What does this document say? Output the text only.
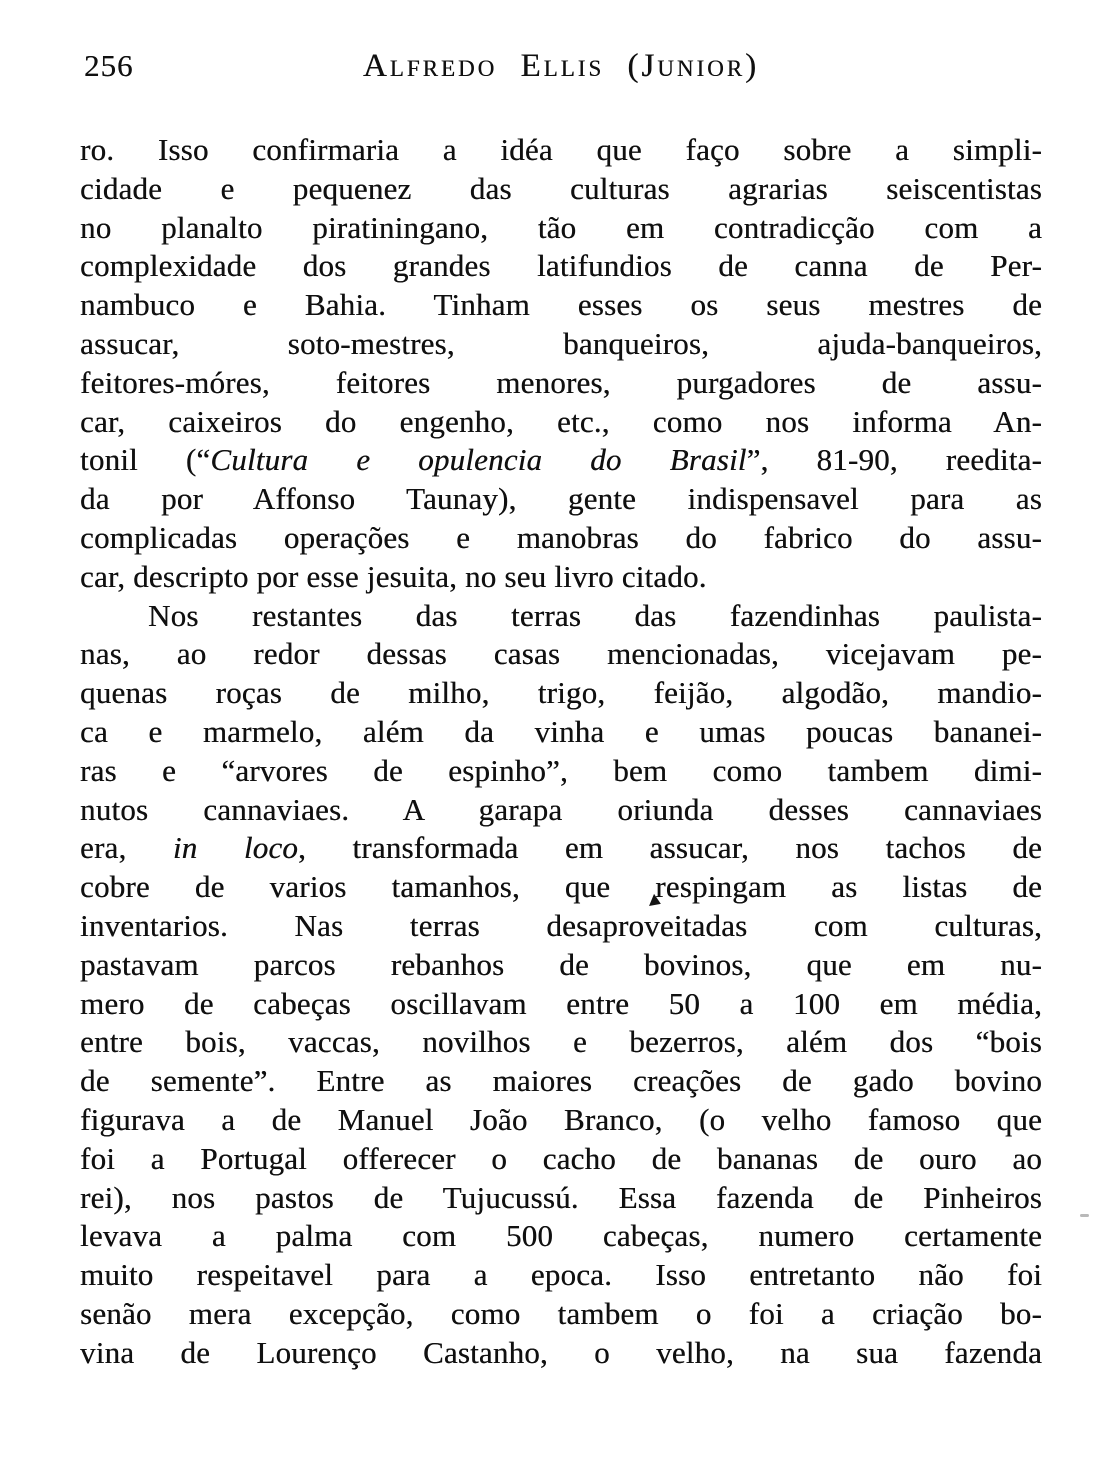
256	Alfredo Ellis (Junior)
ro. Isso confirmaria a idéa que faço sobre a simpli-
cidade e pequenez das culturas agrarias seiscentistas
no planalto piratiningano, tão em contradicção com a
complexidade dos grandes latifundios de canna de Per-
nambuco e Bahia. Tinham esses os seus mestres de
assucar, soto-mestres, banqueiros, ajuda-banqueiros,
feitores-móres, feitores menores, purgadores de assu-
car, caixeiros do engenho, etc., como nos informa An-
tonil (“Cultura e opulencia do Brasil”, 81-90, reedita-
da por Affonso Taunay), gente indispensavel para as
complicadas operações e manobras do fabrico do assu-
car, descripto por esse jesuita, no seu livro citado.
Nos restantes das terras das fazendinhas paulista-
nas, ao redor dessas casas mencionadas, vicejavam pe-
quenas roças de milho, trigo, feijão, algodão, mandio-
ca e marmelo, além da vinha e umas poucas bananei-
ras e “arvores de espinho”, bem como tambem dimi-
nutos cannaviaes. A garapa oriunda desses cannaviaes
era, in loco, transformada em assucar, nos tachos de
cobre de varios tamanhos, que respingam as listas de
inventarios. Nas terras desaproveitadas com culturas,
pastavam parcos rebanhos de bovinos, que em nu-
mero de cabeças oscillavam entre 50 a 100 em média,
entre bois, vaccas, novilhos e bezerros, além dos “bois
de semente”. Entre as maiores creações de gado bovino
figurava a de Manuel João Branco, (o velho famoso que
foi a Portugal offerecer o cacho de bananas de ouro ao
rei), nos pastos de Tujucussú. Essa fazenda de Pinheiros
levava a palma com 500 cabeças, numero certamente
muito respeitavel para a epoca. Isso entretanto não foi
senão mera excepção, como tambem o foi a criação bo-
vina de Lourenço Castanho, o velho, na sua fazenda
